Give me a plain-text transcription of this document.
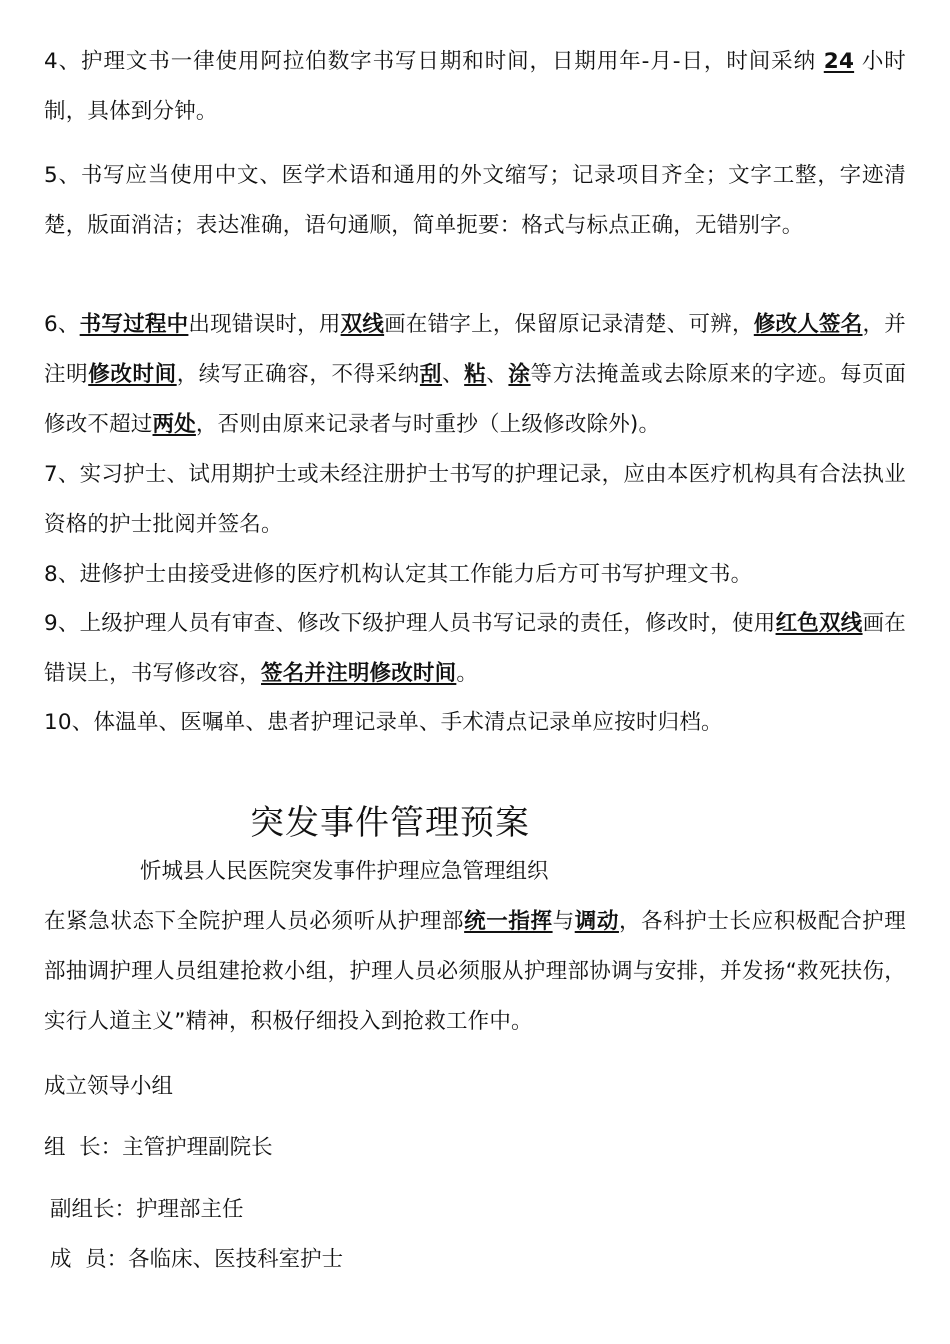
4、护理文书一律使用阿拉伯数字书写日期和时间，日期用年-月-日，时间采纳 24 小时制，具体到分钟。

5、书写应当使用中文、医学术语和通用的外文缩写；记录项目齐全；文字工整，字迹清楚，版面消洁；表达准确，语句通顺，简单扼要：格式与标点正确，无错别字。

6、书写过程中出现错误时，用双线画在错字上，保留原记录清楚、可辨，修改人签名，并注明修改时间，续写正确容，不得采纳刮、粘、涂等方法掩盖或去除原来的字迹。每页面修改不超过两处，否则由原来记录者与时重抄（上级修改除外)。

7、实习护士、试用期护士或未经注册护士书写的护理记录，应由本医疗机构具有合法执业资格的护士批阅并签名。

8、进修护士由接受进修的医疗机构认定其工作能力后方可书写护理文书。

9、上级护理人员有审查、修改下级护理人员书写记录的责任，修改时，使用红色双线画在错误上，书写修改容，签名并注明修改时间。

10、体温单、医嘱单、患者护理记录单、手术清点记录单应按时归档。

突发事件管理预案

忻城县人民医院突发事件护理应急管理组织

在紧急状态下全院护理人员必须听从护理部统一指挥与调动，各科护士长应积极配合护理部抽调护理人员组建抢救小组，护理人员必须服从护理部协调与安排，并发扬“救死扶伤，实行人道主义”精神，积极仔细投入到抢救工作中。

成立领导小组

组  长：主管护理副院长

副组长：护理部主任

成  员：各临床、医技科室护士
